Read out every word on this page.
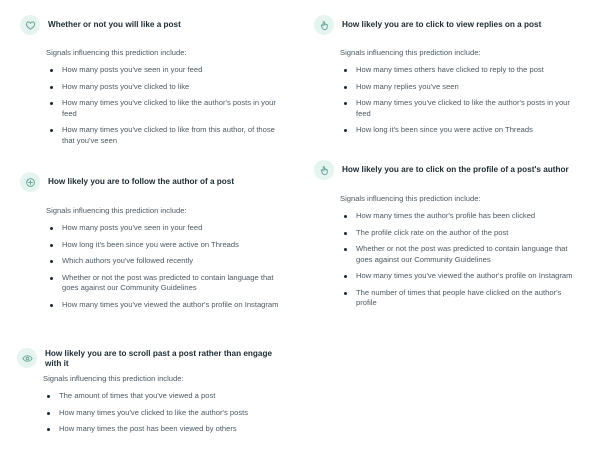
Whether or not you will like a post
Signals influencing this prediction include:
How many posts you've seen in your feed
How many posts you've clicked to like
How many times you've clicked to like the author's posts in your feed
How many times you've clicked to like from this author, of those that you've seen
How likely you are to click to view replies on a post
Signals influencing this prediction include:
How many times others have clicked to reply to the post
How many replies you've seen
How many times you've clicked to like the author's posts in your feed
How long it's been since you were active on Threads
How likely you are to follow the author of a post
Signals influencing this prediction include:
How many posts you've seen in your feed
How long it's been since you were active on Threads
Which authors you've followed recently
Whether or not the post was predicted to contain language that goes against our Community Guidelines
How many times you've viewed the author's profile on Instagram
How likely you are to click on the profile of a post's author
Signals influencing this prediction include:
How many times the author's profile has been clicked
The profile click rate on the author of the post
Whether or not the post was predicted to contain language that goes against our Community Guidelines
How many times you've viewed the author's profile on Instagram
The number of times that people have clicked on the author's profile
How likely you are to scroll past a post rather than engage with it
Signals influencing this prediction include:
The amount of times that you've viewed a post
How many times you've clicked to like the author's posts
How many times the post has been viewed by others
